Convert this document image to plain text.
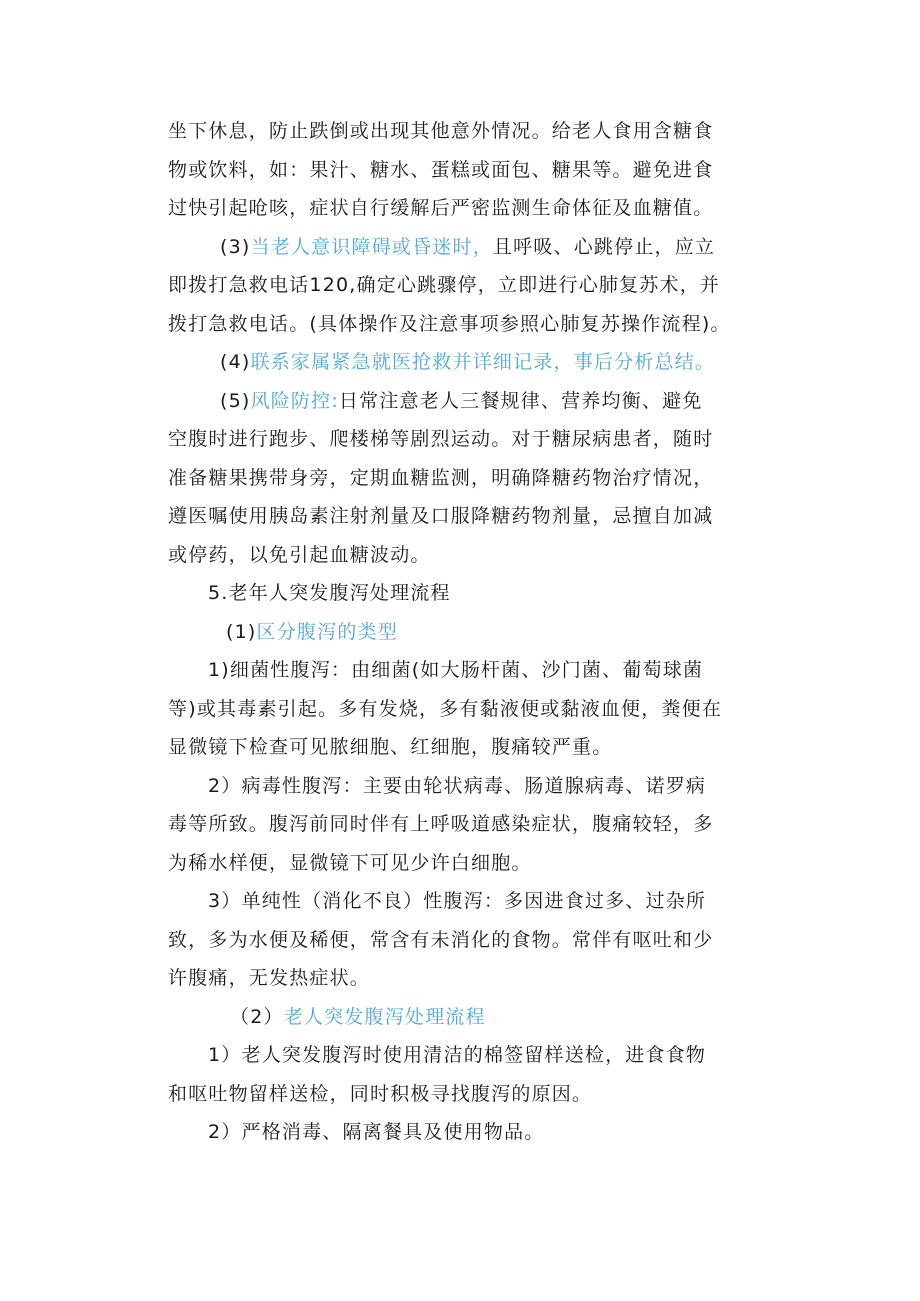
坐下休息，防止跌倒或出现其他意外情况。给老人食用含糖食
物或饮料，如：果汁、糖水、蛋糕或面包、糖果等。避免进食
过快引起呛咳，症状自行缓解后严密监测生命体征及血糖值。
(3)当老人意识障碍或昏迷时，且呼吸、心跳停止，应立
即拨打急救电话120,确定心跳骤停，立即进行心肺复苏术，并
拨打急救电话。(具体操作及注意事项参照心肺复苏操作流程)。
(4)联系家属紧急就医抢救并详细记录，事后分析总结。
(5)风险防控:日常注意老人三餐规律、营养均衡、避免
空腹时进行跑步、爬楼梯等剧烈运动。对于糖尿病患者，随时
准备糖果携带身旁，定期血糖监测，明确降糖药物治疗情况，
遵医嘱使用胰岛素注射剂量及口服降糖药物剂量，忌擅自加减
或停药，以免引起血糖波动。
5.老年人突发腹泻处理流程
(1)区分腹泻的类型
1)细菌性腹泻：由细菌(如大肠杆菌、沙门菌、葡萄球菌
等)或其毒素引起。多有发烧，多有黏液便或黏液血便，粪便在
显微镜下检查可见脓细胞、红细胞，腹痛较严重。
2）病毒性腹泻：主要由轮状病毒、肠道腺病毒、诺罗病
毒等所致。腹泻前同时伴有上呼吸道感染症状，腹痛较轻，多
为稀水样便，显微镜下可见少许白细胞。
3）单纯性（消化不良）性腹泻：多因进食过多、过杂所
致，多为水便及稀便，常含有未消化的食物。常伴有呕吐和少
许腹痛，无发热症状。
（2）老人突发腹泻处理流程
1）老人突发腹泻时使用清洁的棉签留样送检，进食食物
和呕吐物留样送检，同时积极寻找腹泻的原因。
2）严格消毒、隔离餐具及使用物品。
